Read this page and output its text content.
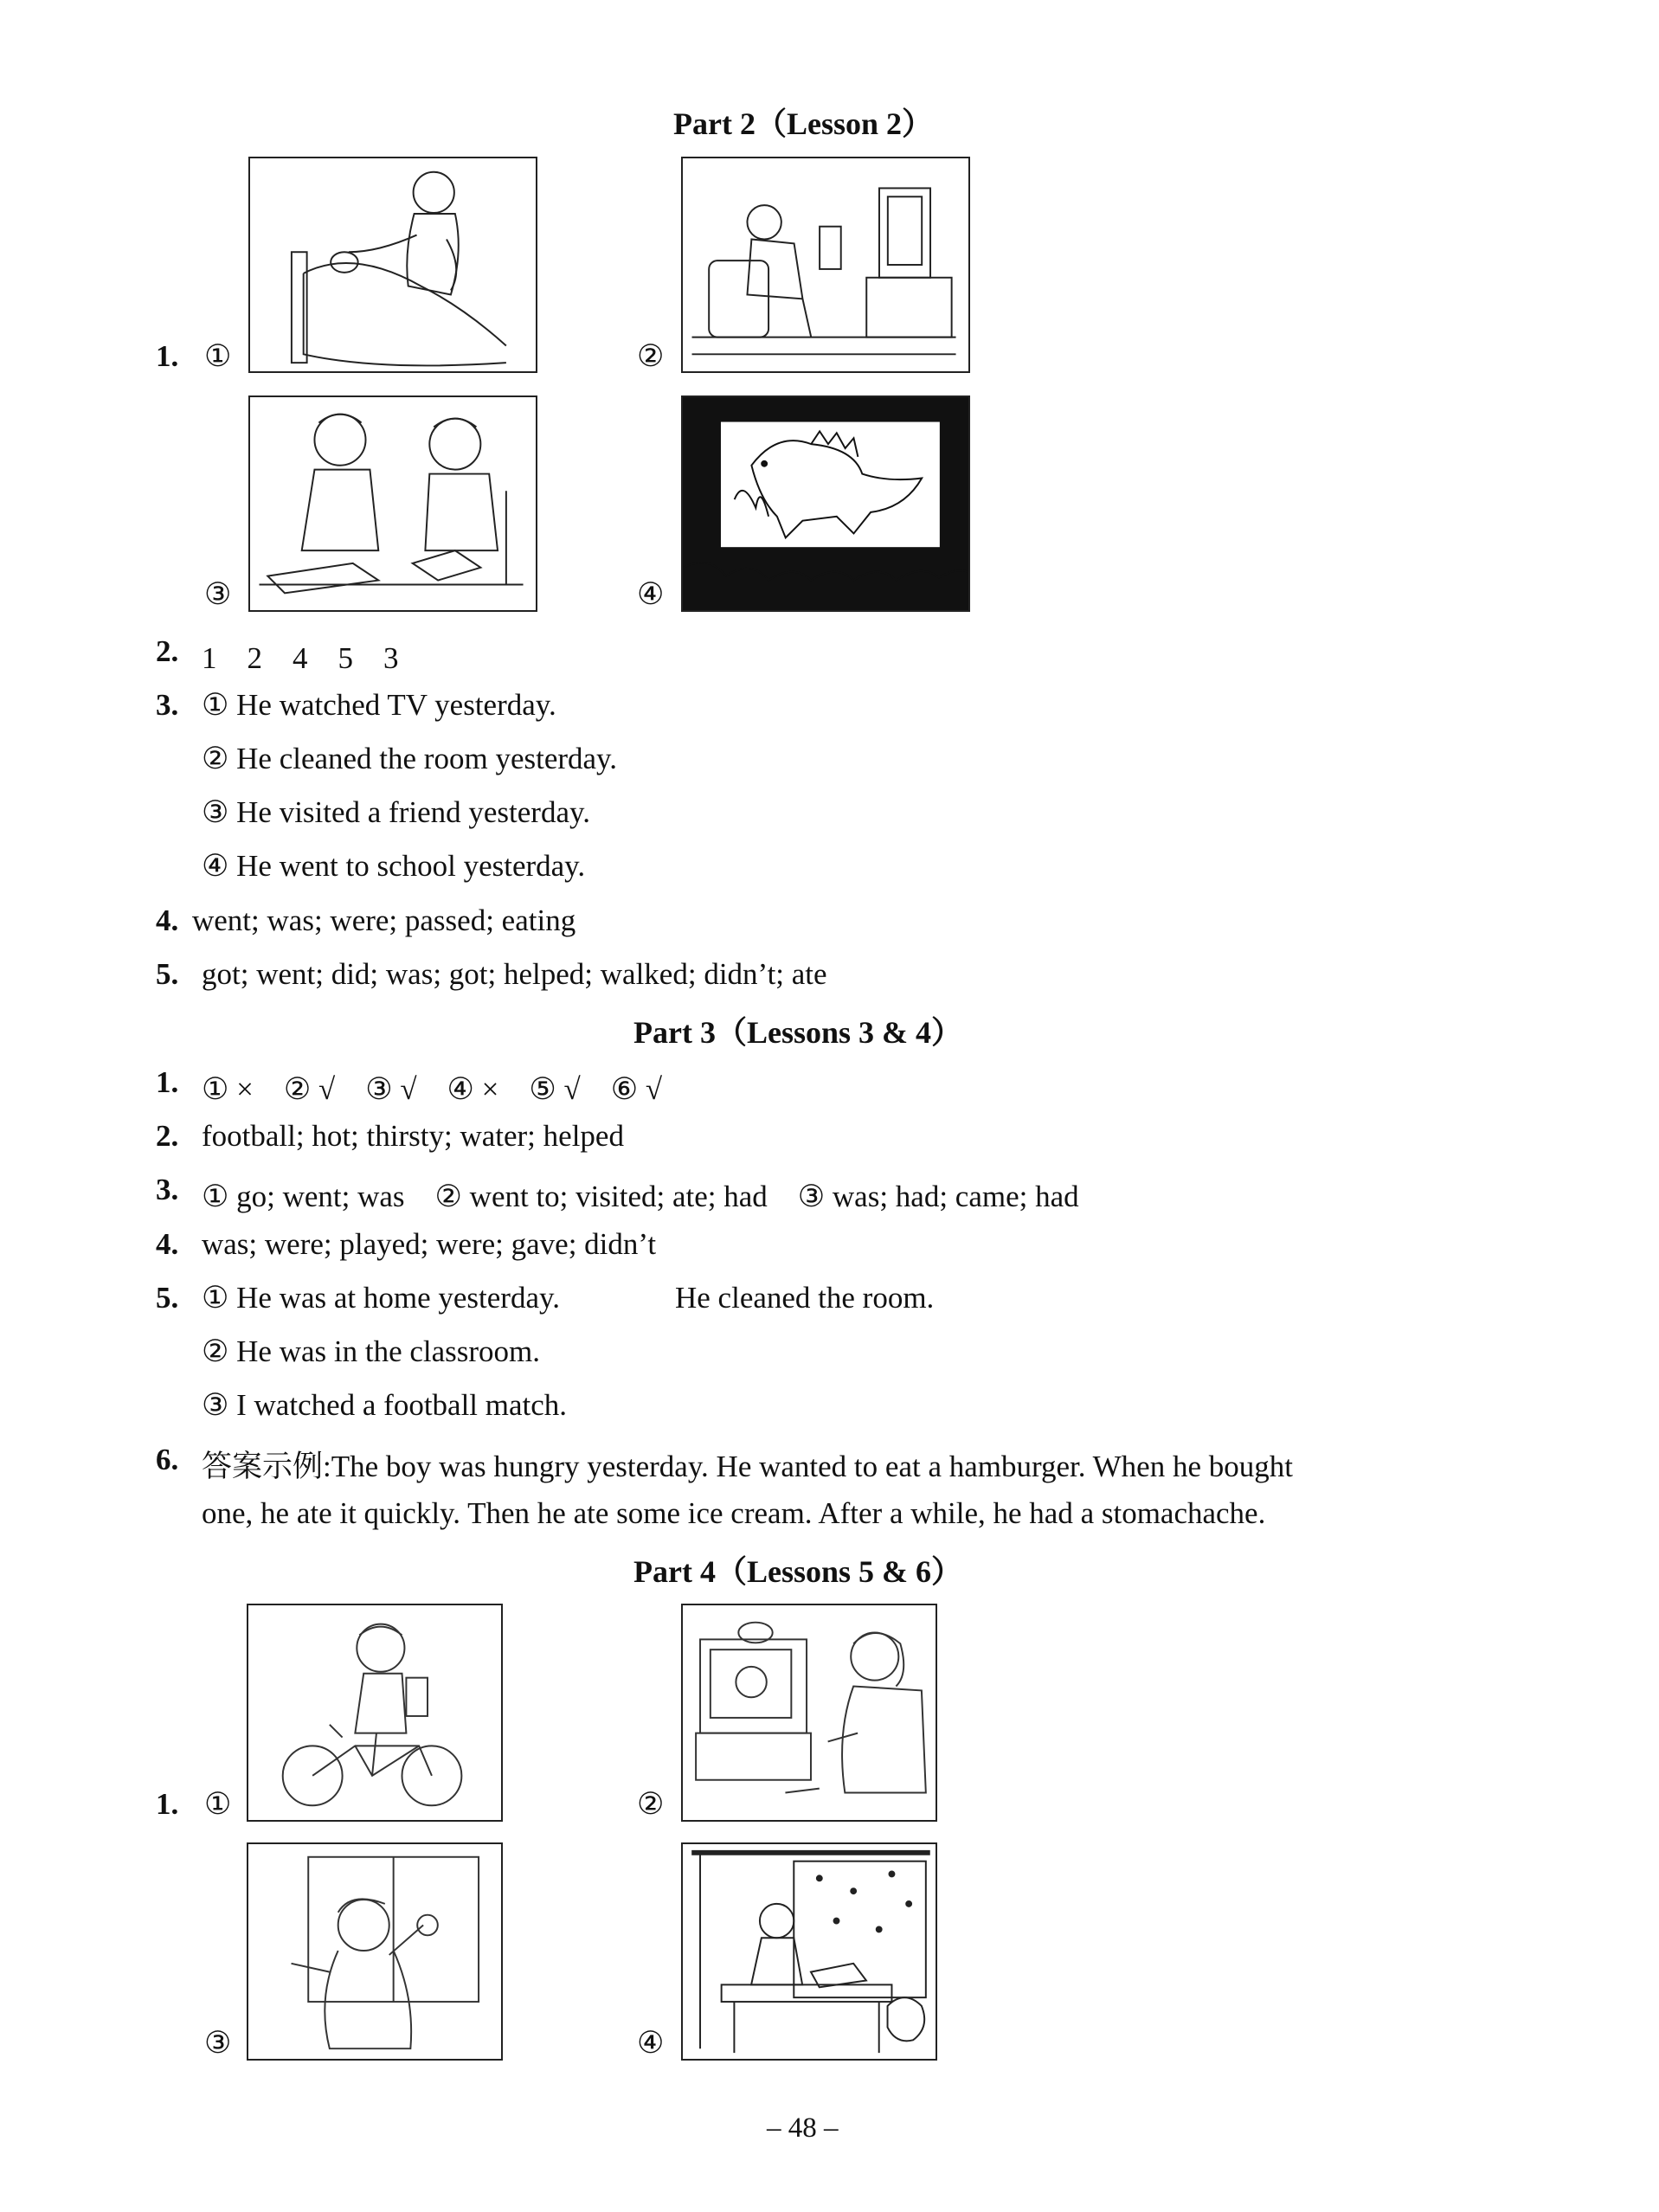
Part 2（Lesson 2）
1. ①	②
③	④
2. 1　2　4　5　3
3. ① He watched TV yesterday.
② He cleaned the room yesterday.
③ He visited a friend yesterday.
④ He went to school yesterday.
4. went; was; were; passed; eating
5. got; went; did; was; got; helped; walked; didn’t; ate
Part 3（Lessons 3 & 4）
1. ① ×　② √　③ √　④ ×　⑤ √　⑥ √
2. football; hot; thirsty; water; helped
3. ① go; went; was　② went to; visited; ate; had　③ was; had; came; had
4. was; were; played; were; gave; didn’t
5. ① He was at home yesterday.	He cleaned the room.
② He was in the classroom.
③ I watched a football match.
6. 答案示例:The boy was hungry yesterday. He wanted to eat a hamburger. When he bought
one, he ate it quickly. Then he ate some ice cream. After a while, he had a stomachache.
Part 4（Lessons 5 & 6）
1. ①	②
③	④
– 48 –
